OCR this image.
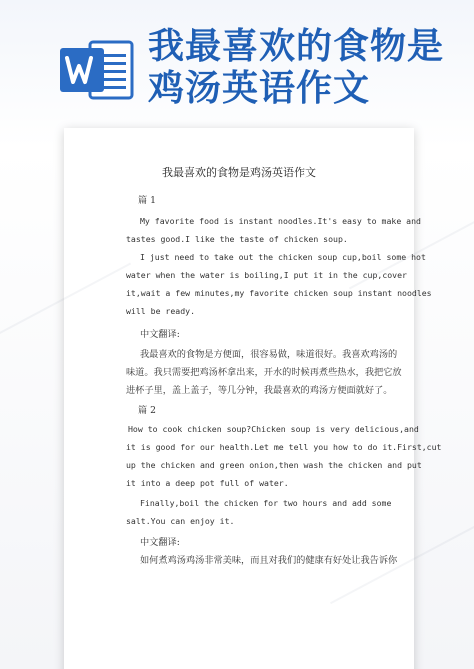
我最喜欢的食物是
鸡汤英语作文
我最喜欢的食物是鸡汤英语作文
篇 1
My favorite food is instant noodles.It's easy to make and
tastes good.I like the taste of chicken soup.
I just need to take out the chicken soup cup,boil some hot
water when the water is boiling,I put it in the cup,cover
it,wait a few minutes,my favorite chicken soup instant noodles
will be ready.
中文翻译:
我最喜欢的食物是方便面，很容易做，味道很好。我喜欢鸡汤的
味道。我只需要把鸡汤杯拿出来，开水的时候再煮些热水，我把它放
进杯子里，盖上盖子，等几分钟，我最喜欢的鸡汤方便面就好了。
篇 2
How to cook chicken soup?Chicken soup is very delicious,and
it is good for our health.Let me tell you how to do it.First,cut
up the chicken and green onion,then wash the chicken and put
it into a deep pot full of water.
Finally,boil the chicken for two hours and add some
salt.You can enjoy it.
中文翻译:
如何煮鸡汤鸡汤非常美味，而且对我们的健康有好处让我告诉你
